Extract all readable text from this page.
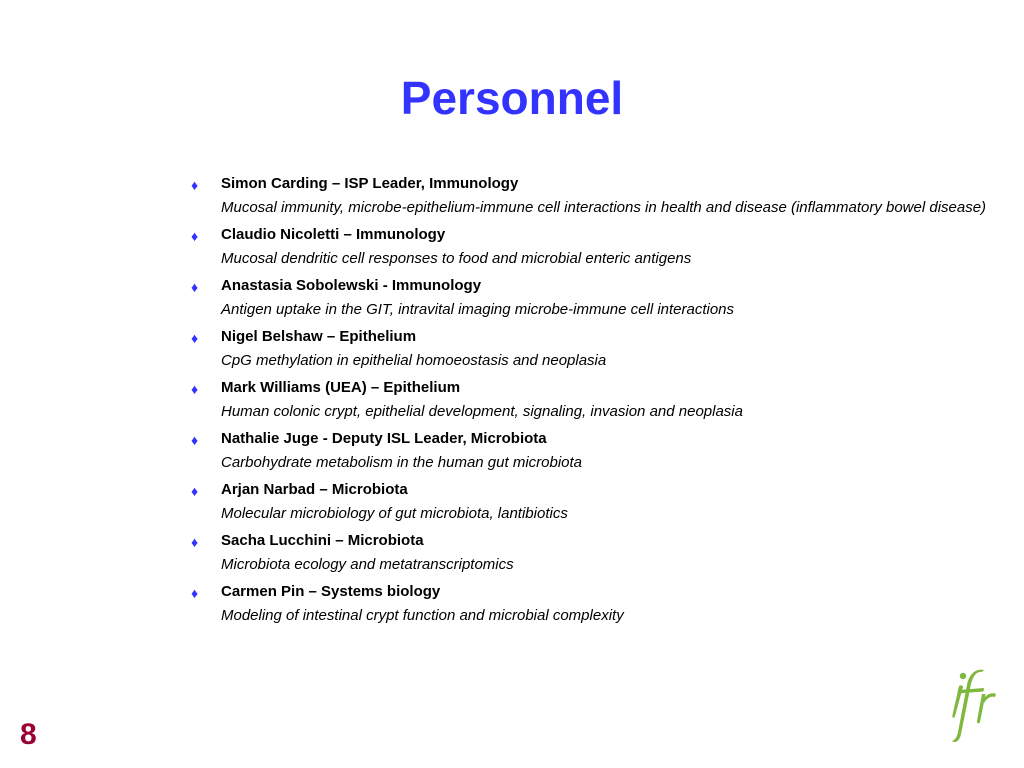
Personnel
♦ Simon Carding – ISP Leader, Immunology
Mucosal immunity, microbe-epithelium-immune cell interactions in health and disease (inflammatory bowel disease)
♦ Claudio Nicoletti – Immunology
Mucosal dendritic cell responses to food and microbial enteric antigens
♦ Anastasia Sobolewski - Immunology
Antigen uptake in the GIT, intravital imaging microbe-immune cell interactions
♦ Nigel Belshaw – Epithelium
CpG methylation in epithelial homoeostasis and neoplasia
♦ Mark Williams (UEA) – Epithelium
Human colonic crypt, epithelial development, signaling, invasion and neoplasia
♦ Nathalie Juge - Deputy ISL Leader, Microbiota
Carbohydrate metabolism in the human gut microbiota
♦ Arjan Narbad – Microbiota
Molecular microbiology of gut microbiota, lantibiotics
♦ Sacha Lucchini – Microbiota
Microbiota ecology and metatranscriptomics
♦ Carmen Pin – Systems biology
Modeling of intestinal crypt function and microbial complexity
8
